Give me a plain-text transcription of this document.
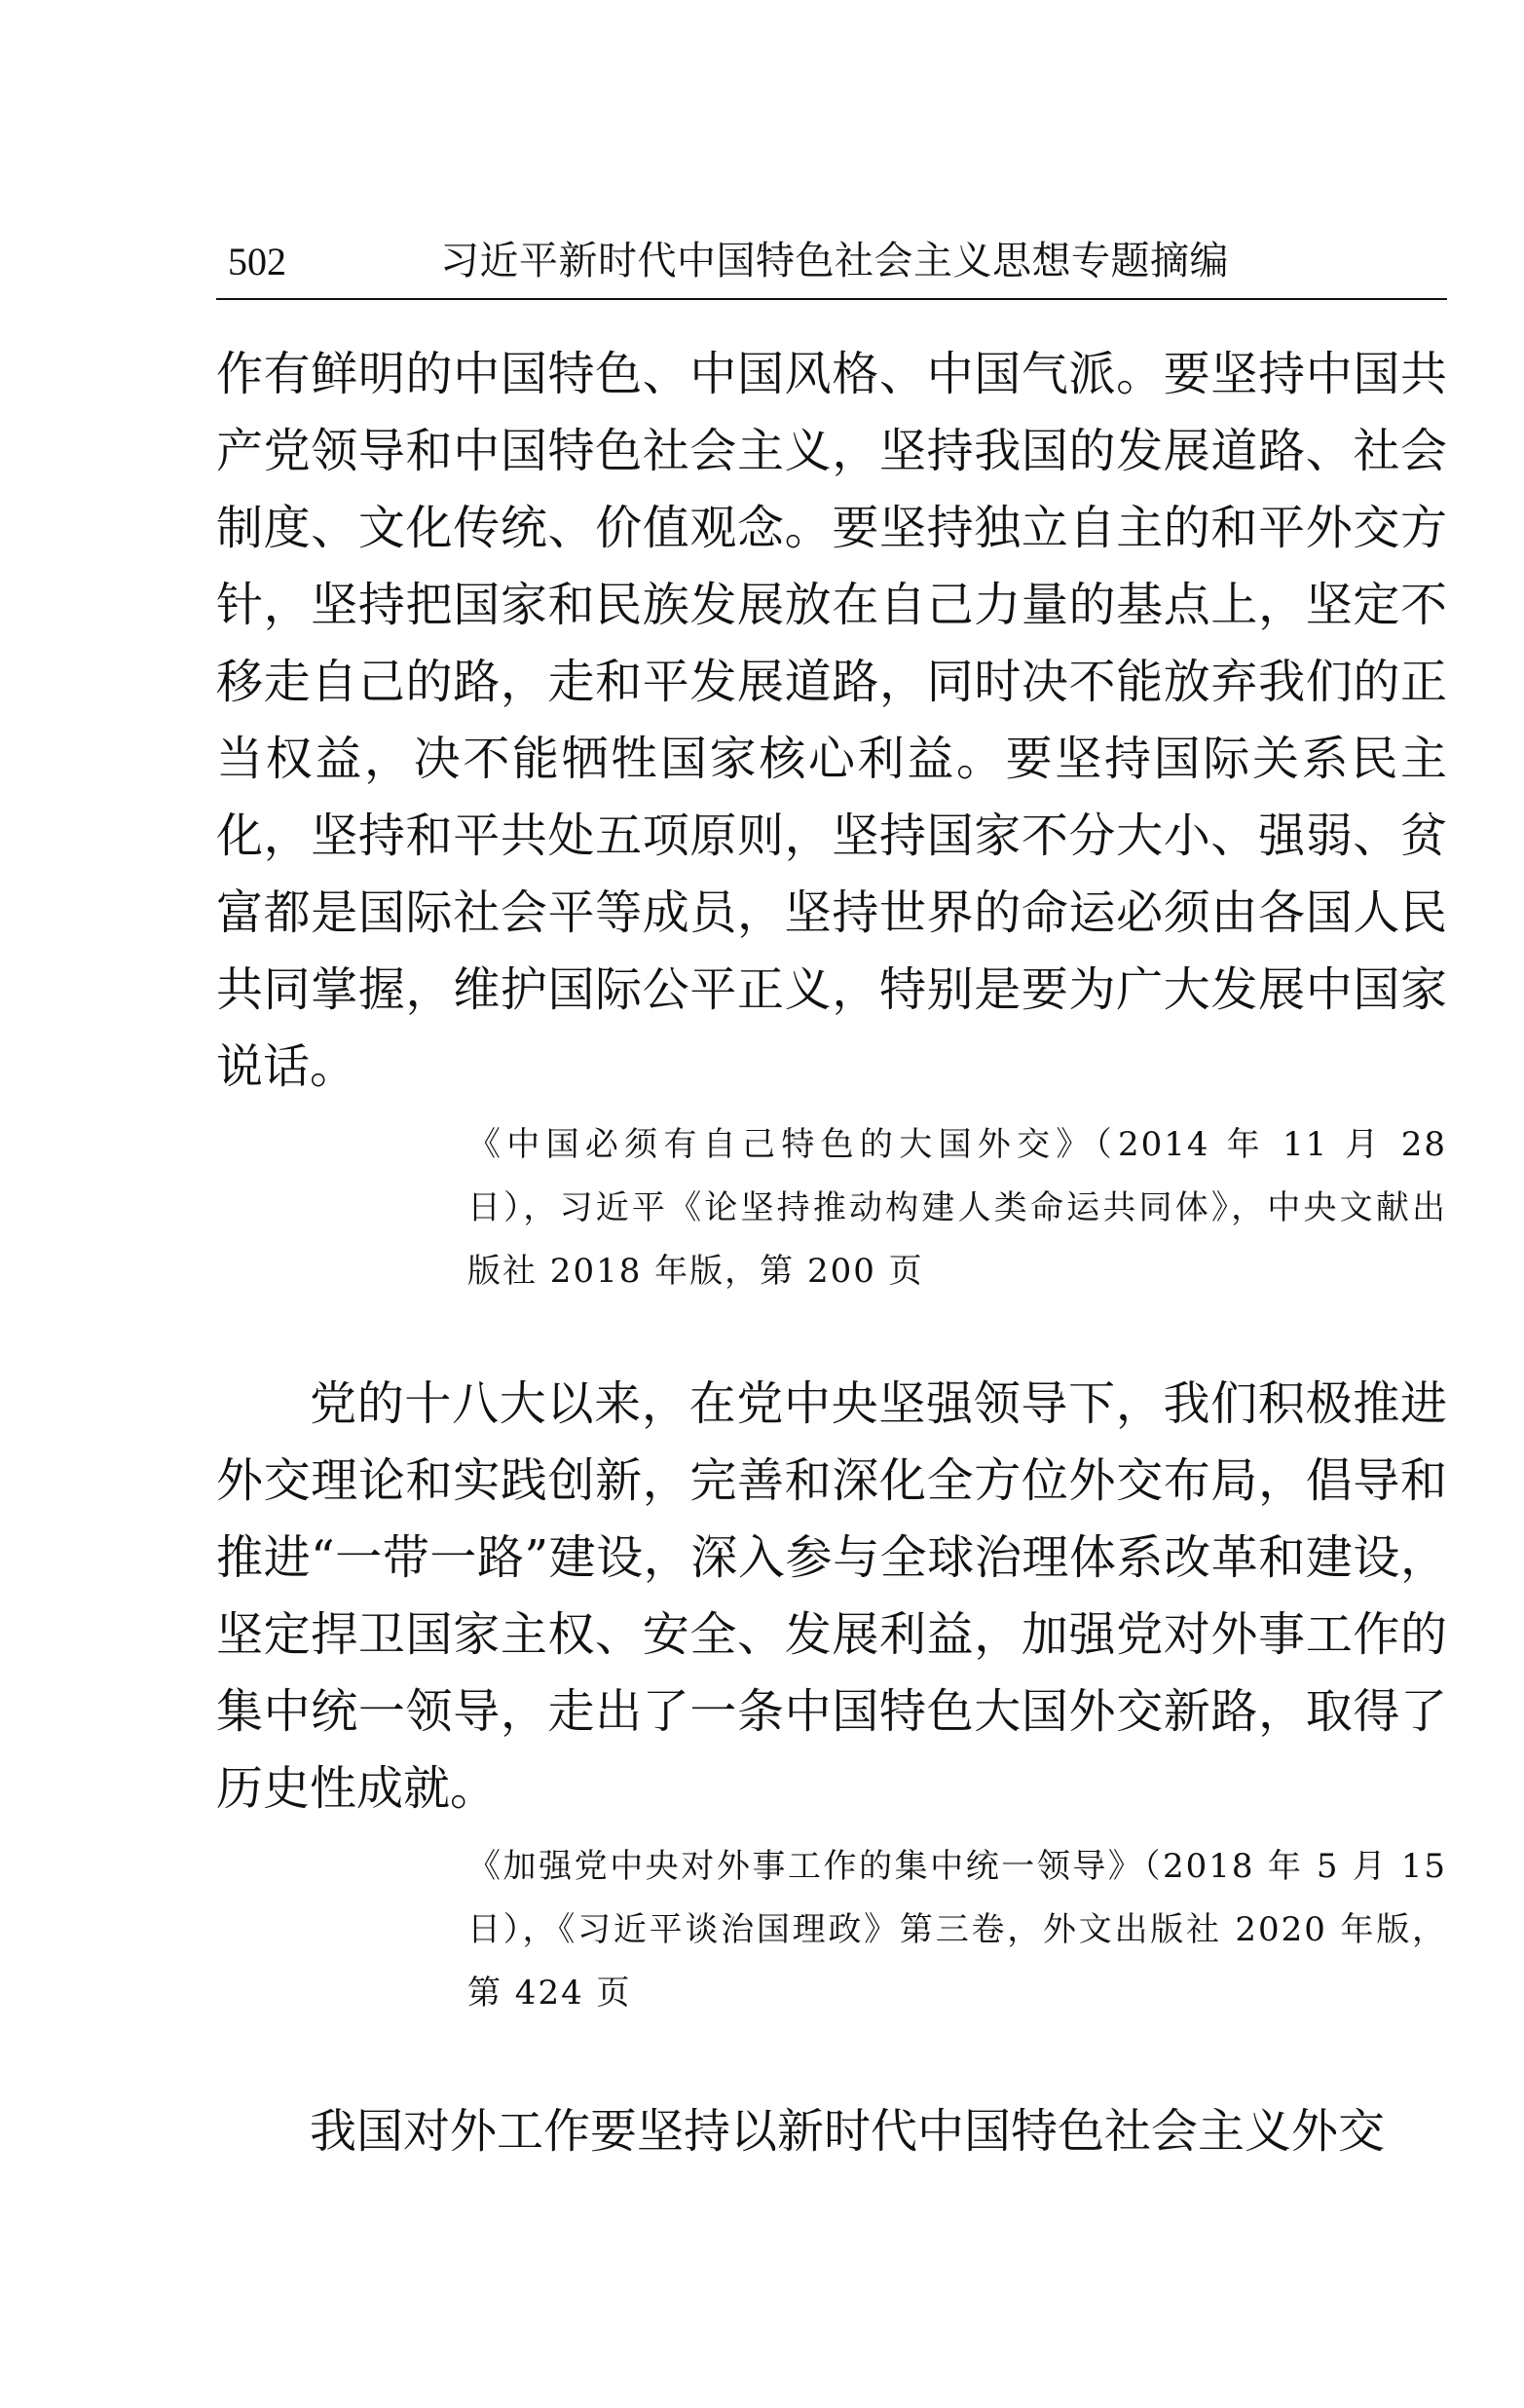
502	习近平新时代中国特色社会主义思想专题摘编

作有鲜明的中国特色、中国风格、中国气派。要坚持中国共产党领导和中国特色社会主义，坚持我国的发展道路、社会制度、文化传统、价值观念。要坚持独立自主的和平外交方针，坚持把国家和民族发展放在自己力量的基点上，坚定不移走自己的路，走和平发展道路，同时决不能放弃我们的正当权益，决不能牺牲国家核心利益。要坚持国际关系民主化，坚持和平共处五项原则，坚持国家不分大小、强弱、贫富都是国际社会平等成员，坚持世界的命运必须由各国人民共同掌握，维护国际公平正义，特别是要为广大发展中国家说话。

《中国必须有自己特色的大国外交》（2014 年 11 月 28 日），习近平《论坚持推动构建人类命运共同体》，中央文献出版社 2018 年版，第 200 页

党的十八大以来，在党中央坚强领导下，我们积极推进外交理论和实践创新，完善和深化全方位外交布局，倡导和推进“一带一路”建设，深入参与全球治理体系改革和建设，坚定捍卫国家主权、安全、发展利益，加强党对外事工作的集中统一领导，走出了一条中国特色大国外交新路，取得了历史性成就。

《加强党中央对外事工作的集中统一领导》（2018 年 5 月 15 日），《习近平谈治国理政》第三卷，外文出版社 2020 年版，第 424 页

我国对外工作要坚持以新时代中国特色社会主义外交
